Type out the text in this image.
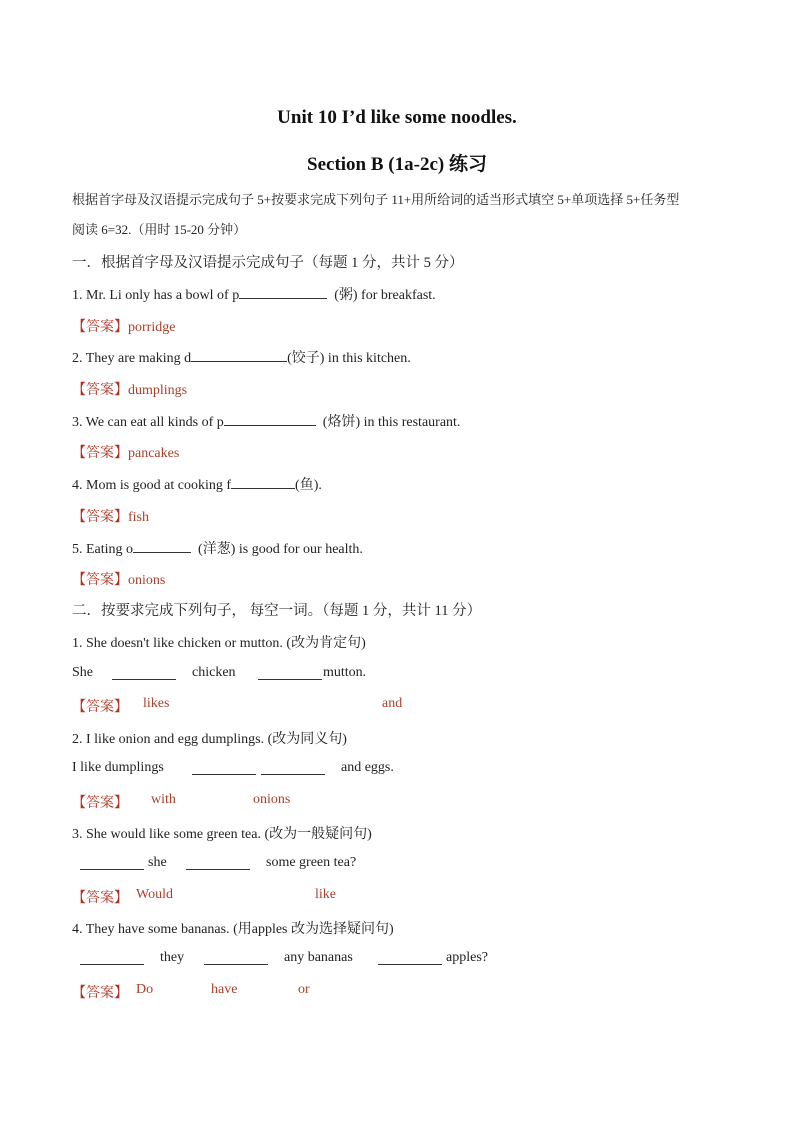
Unit 10 I’d like some noodles.
Section B (1a-2c) 练习
根据首字母及汉语提示完成句子 5+按要求完成下列句子 11+用所给词的适当形式填空 5+单项选择 5+任务型
阅读 6=32.（用时 15-20 分钟）
一．根据首字母及汉语提示完成句子（每题 1 分，共计 5 分）
1. Mr. Li only has a bowl of p	(粥) for breakfast.
【答案】porridge
2. They are making d	(饺子) in this kitchen.
【答案】dumplings
3. We can eat all kinds of p	(烙饼) in this restaurant.
【答案】pancakes
4. Mom is good at cooking f	(鱼).
【答案】fish
5. Eating o	(洋葱) is good for our health.
【答案】onions
二．按要求完成下列句子， 每空一词。（每题 1 分，共计 11 分）
1. She doesn't like chicken or mutton. (改为肯定句)
She	chicken	mutton.
【答案】 likes	and
2. I like onion and egg dumplings. (改为同义句)
I like dumplings	and eggs.
【答案】 with	onions
3. She would like some green tea. (改为一般疑问句)
she	some green tea?
【答案】 Would	like
4. They have some bananas. (用apples 改为选择疑问句)
they	any bananas	apples?
【答案】 Do	have	or
